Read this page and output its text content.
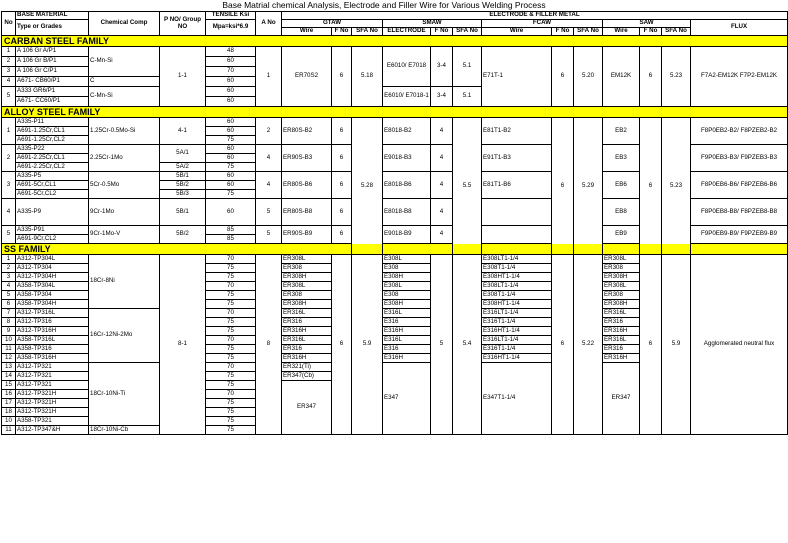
Base Matrial chemical Analysis, Electrode and Filler Wire for Various Welding Process
No	BASE MATERIAL	Chemical Comp	P NO/ Group NO	TENSILE Ksi	A No	ELECTRODE & FILLER METAL												
	Type or Grades			Mpa=ksi*6.9		GTAW			SMAW			FCAW			SAW			FLUX
						Wire	F No	SFA No	ELECTRODE	F No	SFA No	Wire	F No	SFA No	Wire	F No	SFA No	
CARBAN STEEL FAMILY																		
1	A 106 Gr A/P1	C-Mn-Si	1-1	48	1	ER70S2	6	5.18	E6010/ E7018	3-4	5.1	E71T-1	6	5.20	EM12K	6	5.23	F7A2-EM12K F7P2-EM12K
2	A 106 Gr B/P1			60														
3	A 106 Gr C/P1			70														
4	A671- CB60/P1	C		60														
5	A333 GR6/P1	C-Mn-Si		60					E6010/ E7018-1	3-4	5.1							
	A671- CC60/P1			60														
ALLOY STEEL FAMILY																		
1	A335-P11	1.25Cr-0.5Mo-Si	4-1	60	2	ER80S-B2	6	5.28	E8018-B2	4	5.5	E81T1-B2	6	5.29	EB2	6	5.23	F8P0EB2-B2/ F8PZEB2-B2
	A691-1.25Cr,CL1			60														
	A691-1.25Cr,CL2			75														
2	A335-P22	2.25Cr-1Mo	5A/1	60	4	ER90S-B3	6		E9018-B3	4		E91T1-B3			EB3			F9P0EB3-B3/ F9PZEB3-B3
	A691-2.25Cr,CL1			60														
	A691-2.25Cr,CL2		5A/2	75														
3	A335-P5	5Cr-0.5Mo	5B/1	60	4	ER80S-B6	6		E8018-B6	4		E81T1-B6			EB6			F8P0EB6-B6/ F8PZEB6-B6
	A691-5Cr,CL1		5B/2	60														
	A691-5Cr,CL2		5B/3	75														
4	A335-P9	9Cr-1Mo	5B/1	60	5	ER80S-B8	6		E8018-B8	4					EB8			F8P0EB8-B8/ F8PZEB8-B8
5	A335-P91	9Cr-1Mo-V	5B/2	85	5	ER90S-B9	6		E9018-B9	4					EB9			F9P0EB9-B9/ F9PZEB9-B9
	A691-9Cr,CL2			85														
SS FAMILY																		
1	A312-TP304L	18Cr-8Ni	8-1	70	8	ER308L	6	5.9	E308L	5	5.4	E308LT1-1/4	6	5.22	ER308L	6	5.9	Agglomerated neutral flux
2	A312-TP304			75		ER308			E308			E308T1-1/4			ER308			
3	A312-TP304H			75		ER308H			E308H			E308HT1-1/4			ER308H			
4	A358-TP304L			70		ER308L			E308L			E308LT1-1/4			ER308L			
5	A358-TP304			75		ER308			E308			E308T1-1/4			ER308			
6	A358-TP304H			75		ER308H			E308H			E308HT1-1/4			ER308H			
7	A312-TP316L	16Cr-12Ni-2Mo		70		ER316L			E316L			E316LT1-1/4			ER316L			
8	A312-TP316			75		ER316			E316			E316T1-1/4			ER316			
9	A312-TP316H			75		ER316H			E316H			E316HT1-1/4			ER316H			
10	A358-TP316L			70		ER316L			E316L			E316LT1-1/4			ER316L			
11	A358-TP316			75		ER316			E316			E316T1-1/4			ER316			
12	A358-TP316H			75		ER316H			E316H			E316HT1-1/4			ER316H			
13	A312-TP321	18Cr-10Ni-Ti		70		ER321(Ti)			E347			E347T1-1/4			ER347			
14	A312-TP321			75		ER347(Cb)												
15	A312-TP321			75		ER347												
16	A312-TP321H			70														
17	A312-TP321H			75														
18	A312-TP321H			75														
10	A358-TP321			75														
11	A312-TP347&H	18Cr-10Ni-Cb		75														
